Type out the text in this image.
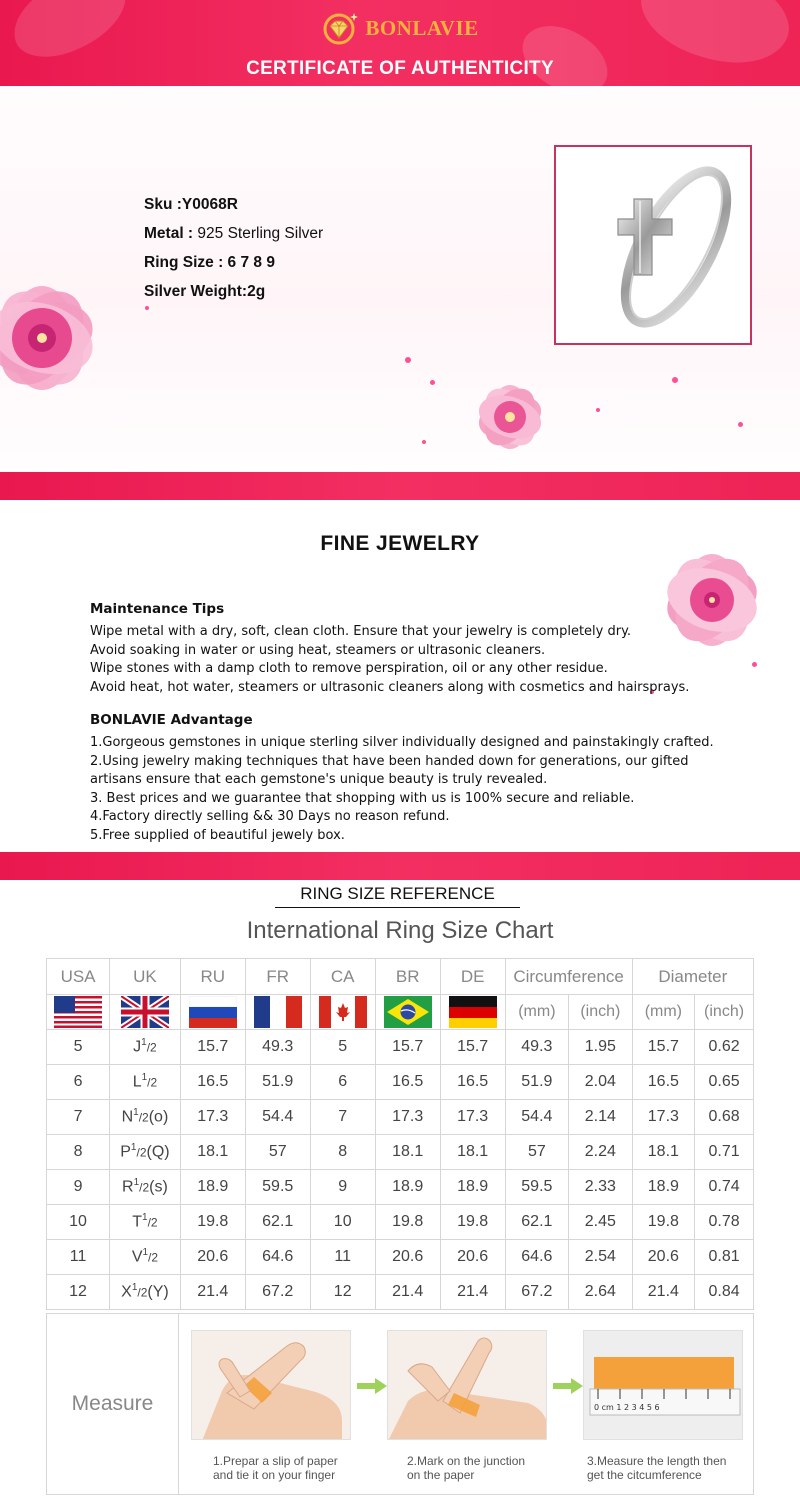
BONLAVIE
CERTIFICATE OF AUTHENTICITY
Sku :Y0068R
Metal : 925 Sterling Silver
Ring Size : 6 7 8 9
Silver Weight:2g
FINE JEWELRY
Maintenance Tips
Wipe metal with a dry, soft, clean cloth. Ensure that your jewelry is completely dry.
Avoid soaking in water or using heat, steamers or ultrasonic cleaners.
Wipe stones with a damp cloth to remove perspiration, oil or any other residue.
Avoid heat, hot water, steamers or ultrasonic cleaners along with cosmetics and hairsprays.
BONLAVIE Advantage
1.Gorgeous gemstones in unique sterling silver individually designed and painstakingly crafted.
2.Using jewelry making techniques that have been handed down for generations, our gifted
artisans ensure that each gemstone's unique beauty is truly revealed.
3. Best prices and we guarantee that shopping with us is 100% secure and reliable.
4.Factory directly selling && 30 Days no reason refund.
5.Free supplied of beautiful jewely box.
RING SIZE REFERENCE
International Ring Size Chart
USA	UK	RU	FR	CA	BR	DE	Circumference		Diameter	
							(mm)	(inch)	(mm)	(inch)
5	$J^1/2$	15.7	49.3	5	15.7	15.7	49.3	1.95	15.7	0.62
6	$L^1/2$	16.5	51.9	6	16.5	16.5	51.9	2.04	16.5	0.65
7	$N^1/2(o)$	17.3	54.4	7	17.3	17.3	54.4	2.14	17.3	0.68
8	$P^1/2(Q)$	18.1	57	8	18.1	18.1	57	2.24	18.1	0.71
9	$R^1/2(s)$	18.9	59.5	9	18.9	18.9	59.5	2.33	18.9	0.74
10	$T^1/2$	19.8	62.1	10	19.8	19.8	62.1	2.45	19.8	0.78
11	$V^1/2$	20.6	64.6	11	20.6	20.6	64.6	2.54	20.6	0.81
12	$X^1/2(Y)$	21.4	67.2	12	21.4	21.4	67.2	2.64	21.4	0.84
Measure	0 cm 1 2 3 4 5 6
1.Prepar a slip of paper
and tie it on your finger
2.Mark on the junction
on the paper
3.Measure the length then
get the citcumference
